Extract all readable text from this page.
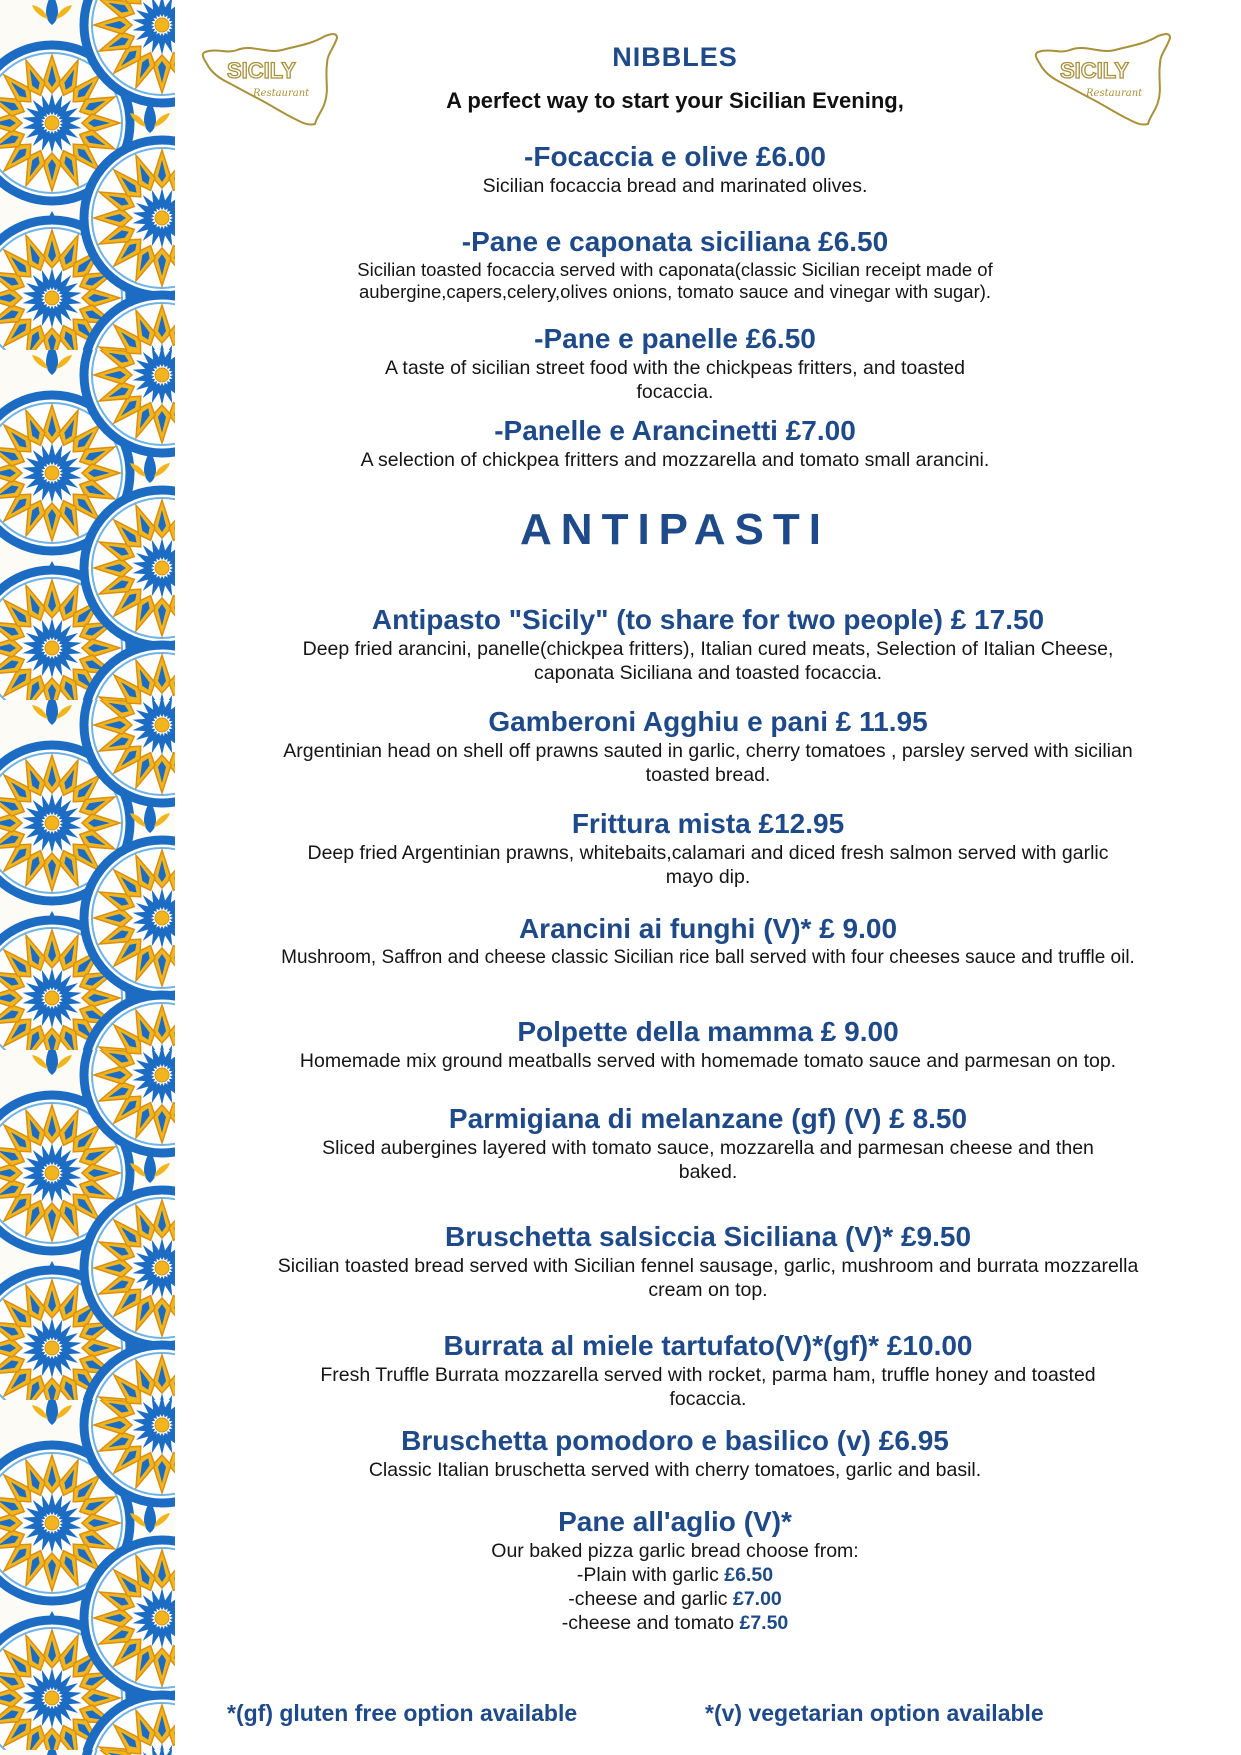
SICILY
Restaurant
SICILY
Restaurant
NIBBLES
A perfect way to start your Sicilian Evening,
-Focaccia e olive £6.00
Sicilian focaccia bread and marinated olives.
-Pane e caponata siciliana £6.50
Sicilian toasted focaccia served with caponata(classic Sicilian receipt made of
aubergine,capers,celery,olives onions, tomato sauce and vinegar with sugar).
-Pane e panelle £6.50
A taste of sicilian street food with the chickpeas fritters, and toasted
focaccia.
-Panelle e Arancinetti £7.00
A selection of chickpea fritters and mozzarella and tomato small arancini.
ANTIPASTI
Antipasto "Sicily" (to share for two people) £ 17.50
Deep fried arancini, panelle(chickpea fritters), Italian cured meats, Selection of Italian Cheese,
caponata Siciliana and toasted focaccia.
Gamberoni Agghiu e pani £ 11.95
Argentinian head on shell off prawns sauted in garlic, cherry tomatoes , parsley served with sicilian
toasted bread.
Frittura mista £12.95
Deep fried Argentinian prawns, whitebaits,calamari and diced fresh salmon served with garlic
mayo dip.
Arancini ai funghi (V)* £ 9.00
Mushroom, Saffron and cheese classic Sicilian rice ball served with four cheeses sauce and truffle oil.
Polpette della mamma £ 9.00
Homemade mix ground meatballs served with homemade tomato sauce and parmesan on top.
Parmigiana di melanzane (gf) (V) £ 8.50
Sliced aubergines layered with tomato sauce, mozzarella and parmesan cheese and then
baked.
Bruschetta salsiccia Siciliana (V)* £9.50
Sicilian toasted bread served with Sicilian fennel sausage, garlic, mushroom and burrata mozzarella
cream on top.
Burrata al miele tartufato(V)*(gf)* £10.00
Fresh Truffle Burrata mozzarella served with rocket, parma ham, truffle honey and toasted
focaccia.
Bruschetta pomodoro e basilico (v) £6.95
Classic Italian bruschetta served with cherry tomatoes, garlic and basil.
Pane all'aglio (V)*
Our baked pizza garlic bread choose from:
-Plain with garlic £6.50
-cheese and garlic £7.00
-cheese and tomato £7.50
*(gf) gluten free option available	*(v) vegetarian option available
